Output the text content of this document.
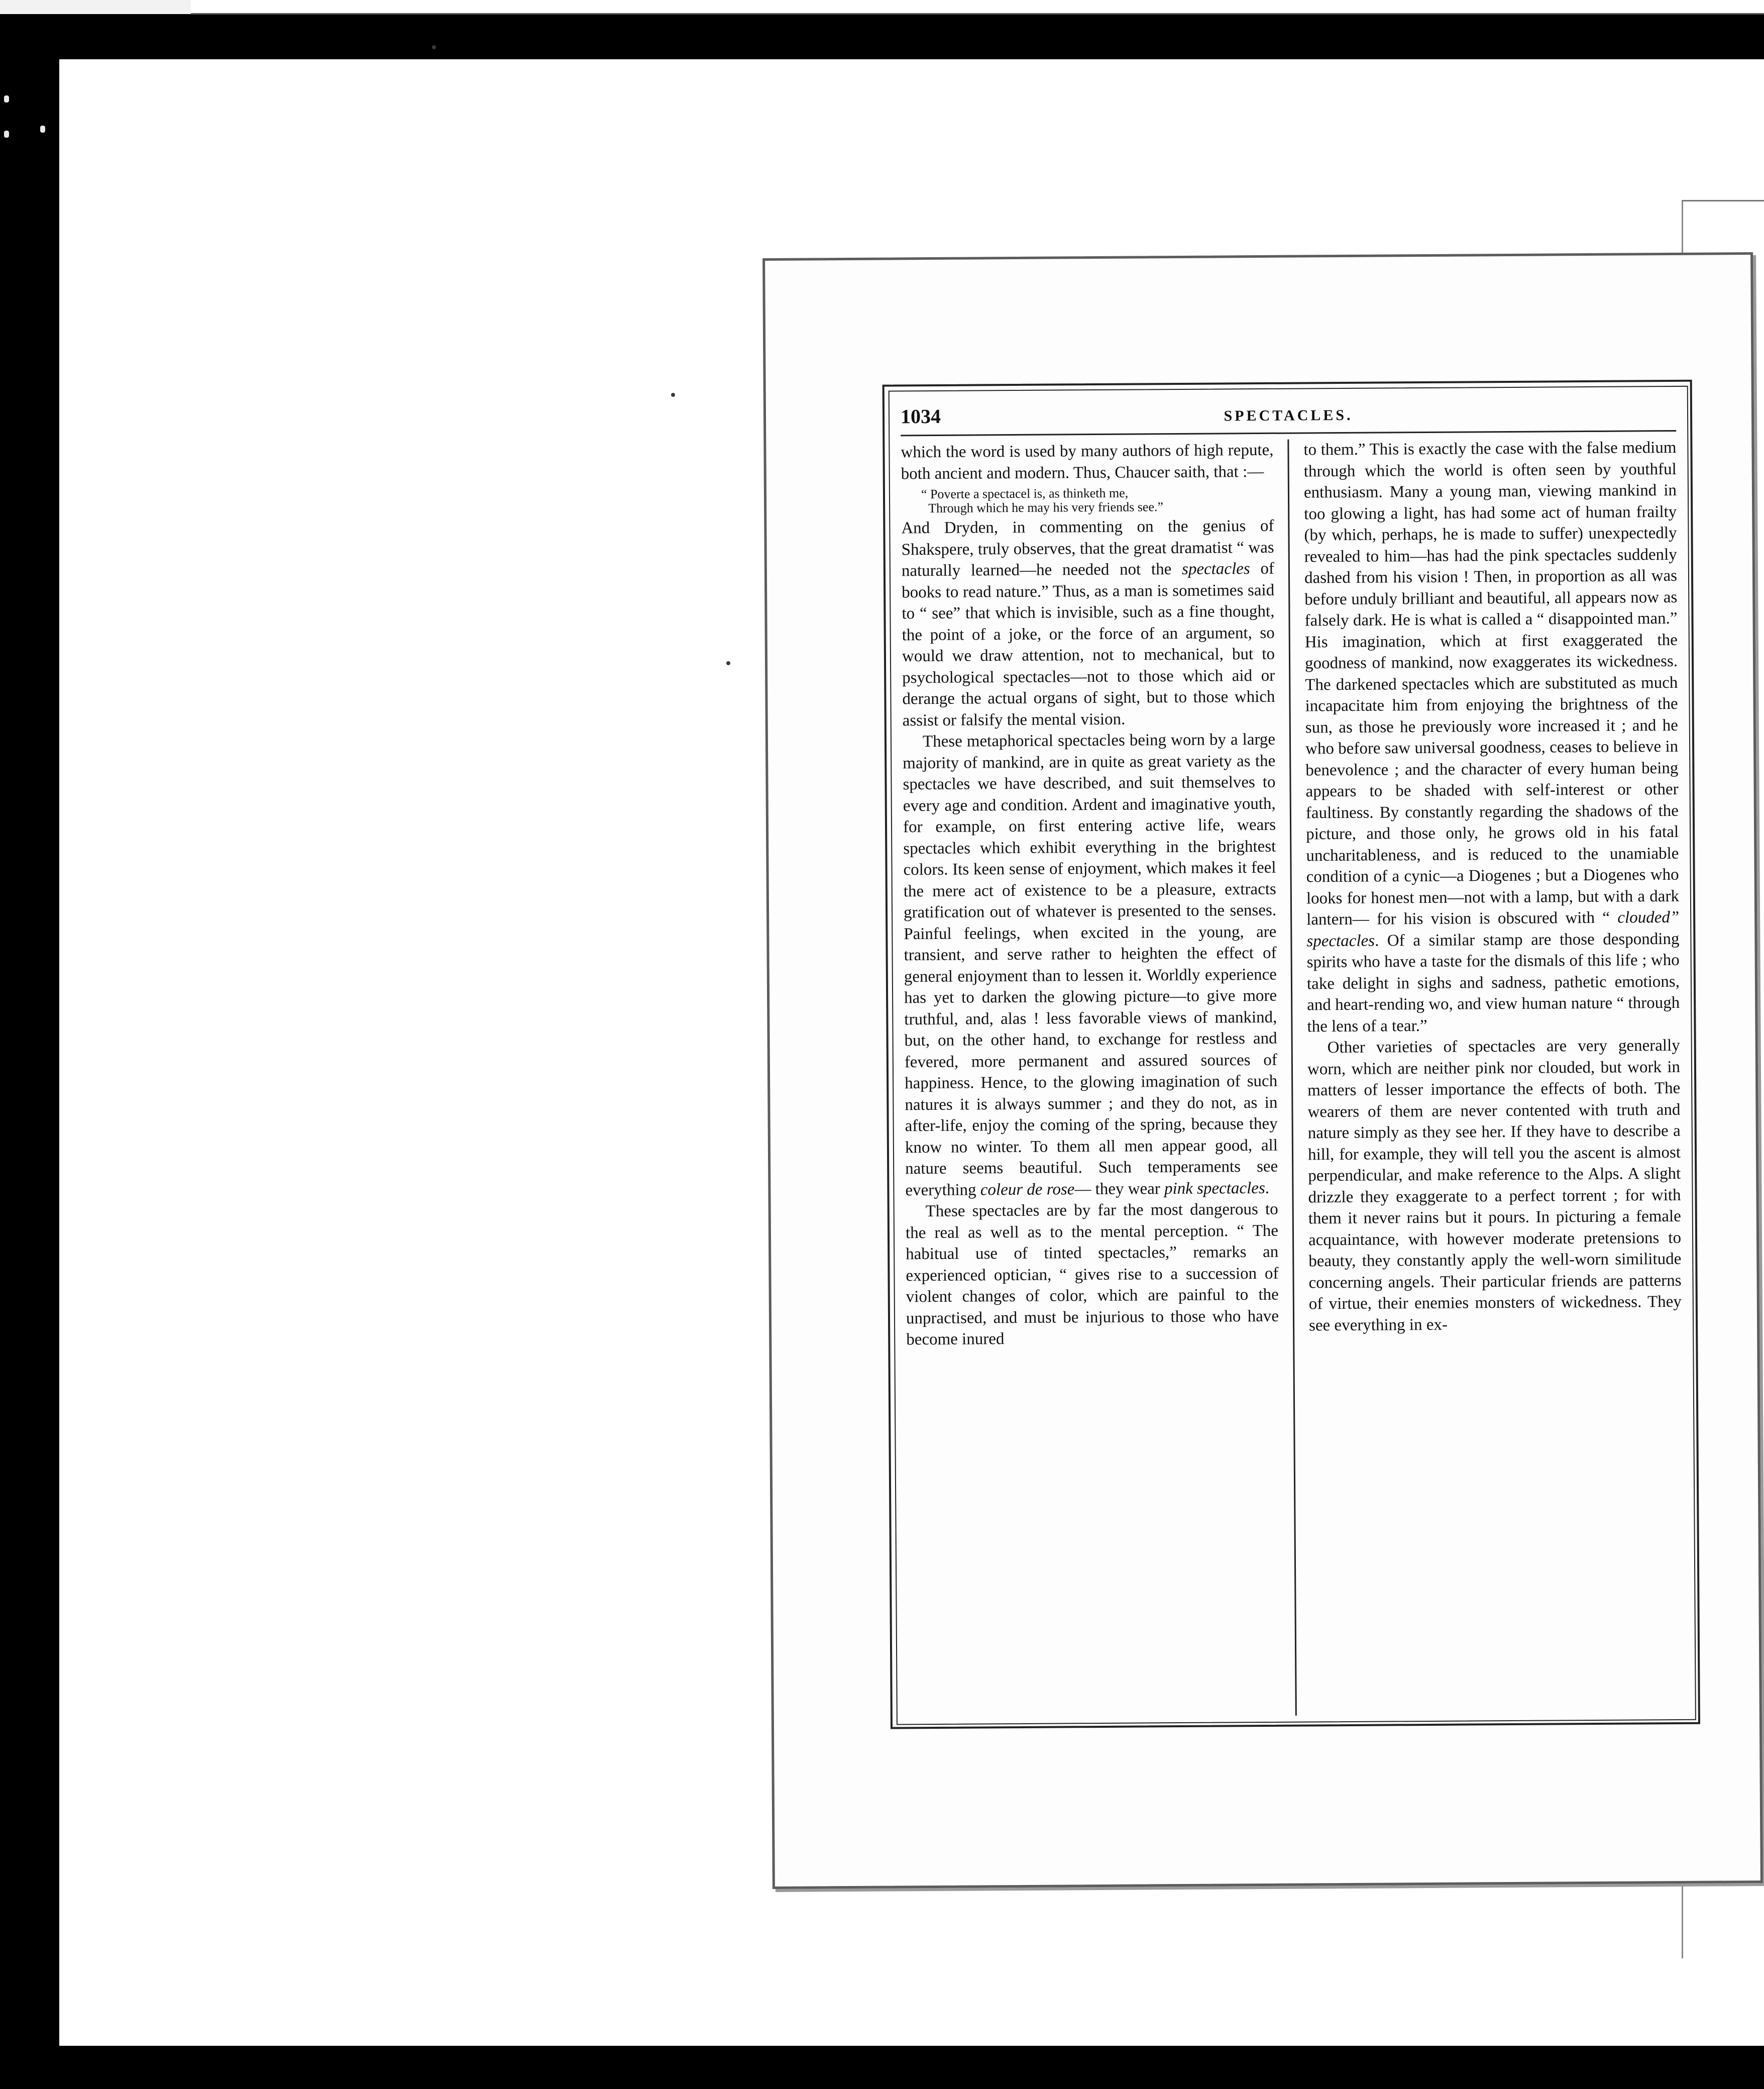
1034	SPECTACLES.

which the word is used by many authors of high repute, both ancient and modern. Thus, Chaucer saith, that :—

“ Poverte a spectacel is, as thinketh me,
Through which he may his very friends see.”

And Dryden, in commenting on the genius of Shakspere, truly observes, that the great dramatist “ was naturally learned—he needed not the spectacles of books to read nature.” Thus, as a man is sometimes said to “ see” that which is invisible, such as a fine thought, the point of a joke, or the force of an argument, so would we draw attention, not to mechanical, but to psychological spectacles—not to those which aid or derange the actual organs of sight, but to those which assist or falsify the mental vision.

These metaphorical spectacles being worn by a large majority of mankind, are in quite as great variety as the spectacles we have described, and suit themselves to every age and condition. Ardent and imaginative youth, for example, on first entering active life, wears spectacles which exhibit everything in the brightest colors. Its keen sense of enjoyment, which makes it feel the mere act of existence to be a pleasure, extracts gratification out of whatever is presented to the senses. Painful feelings, when excited in the young, are transient, and serve rather to heighten the effect of general enjoyment than to lessen it. Worldly experience has yet to darken the glowing picture—to give more truthful, and, alas ! less favorable views of mankind, but, on the other hand, to exchange for restless and fevered, more permanent and assured sources of happiness. Hence, to the glowing imagination of such natures it is always summer ; and they do not, as in after-life, enjoy the coming of the spring, because they know no winter. To them all men appear good, all nature seems beautiful. Such temperaments see everything coleur de rose— they wear pink spectacles.

These spectacles are by far the most dangerous to the real as well as to the mental perception. “ The habitual use of tinted spectacles,” remarks an experienced optician, “ gives rise to a succession of violent changes of color, which are painful to the unpractised, and must be injurious to those who have become inured

to them.” This is exactly the case with the false medium through which the world is often seen by youthful enthusiasm. Many a young man, viewing mankind in too glowing a light, has had some act of human frailty (by which, perhaps, he is made to suffer) unexpectedly revealed to him—has had the pink spectacles suddenly dashed from his vision ! Then, in proportion as all was before unduly brilliant and beautiful, all appears now as falsely dark. He is what is called a “ disappointed man.” His imagination, which at first exaggerated the goodness of mankind, now exaggerates its wickedness. The darkened spectacles which are substituted as much incapacitate him from enjoying the brightness of the sun, as those he previously wore increased it ; and he who before saw universal goodness, ceases to believe in benevolence ; and the character of every human being appears to be shaded with self-interest or other faultiness. By constantly regarding the shadows of the picture, and those only, he grows old in his fatal uncharitableness, and is reduced to the unamiable condition of a cynic—a Diogenes ; but a Diogenes who looks for honest men—not with a lamp, but with a dark lantern— for his vision is obscured with “ clouded” spectacles. Of a similar stamp are those desponding spirits who have a taste for the dismals of this life ; who take delight in sighs and sadness, pathetic emotions, and heart-rending wo, and view human nature “ through the lens of a tear.”

Other varieties of spectacles are very generally worn, which are neither pink nor clouded, but work in matters of lesser importance the effects of both. The wearers of them are never contented with truth and nature simply as they see her. If they have to describe a hill, for example, they will tell you the ascent is almost perpendicular, and make reference to the Alps. A slight drizzle they exaggerate to a perfect torrent ; for with them it never rains but it pours. In picturing a female acquaintance, with however moderate pretensions to beauty, they constantly apply the well-worn similitude concerning angels. Their particular friends are patterns of virtue, their enemies monsters of wickedness. They see everything in ex-
